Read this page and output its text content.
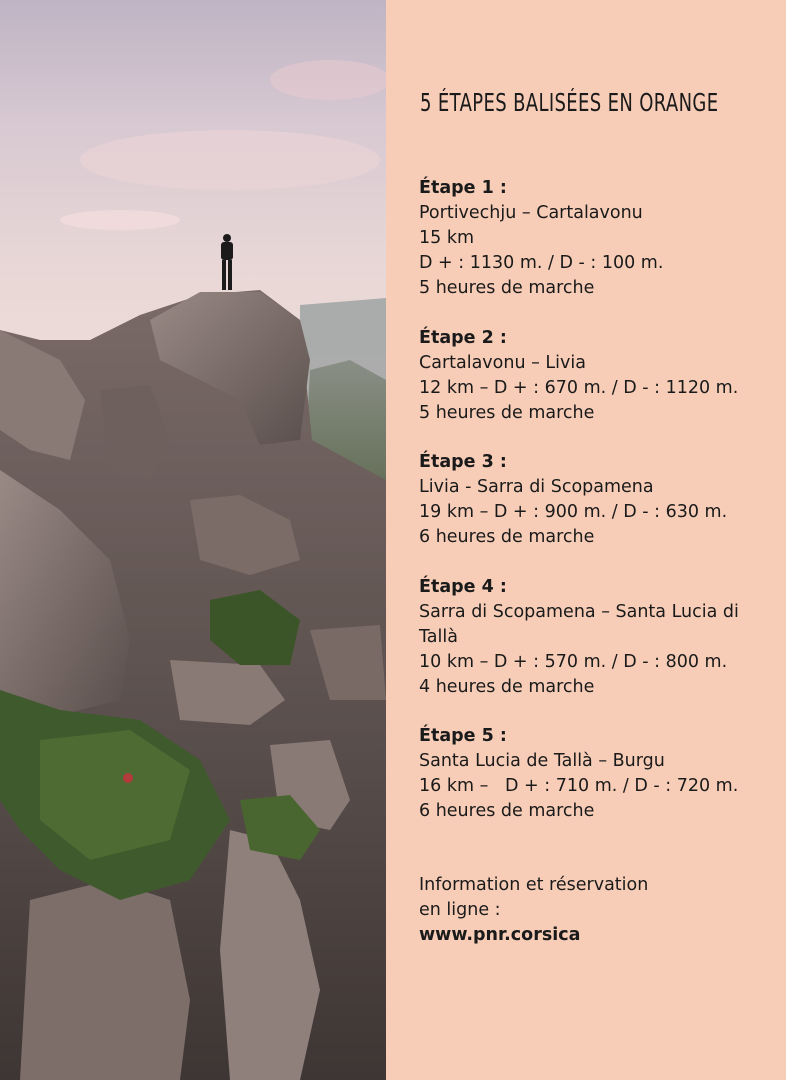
5 ÉTAPES BALISÉES EN ORANGE

Étape 1 :

Portivechju – Cartalavonu

15 km

D + : 1130 m. / D - : 100 m.

5 heures de marche

Étape 2 :

Cartalavonu – Livia

12 km – D + : 670 m. / D - : 1120 m.

5 heures de marche

Étape 3 :

Livia - Sarra di Scopamena

19 km – D + : 900 m. / D - : 630 m.

6 heures de marche

Étape 4 :

Sarra di Scopamena – Santa Lucia di

Tallà

10 km – D + : 570 m. / D - : 800 m.

4 heures de marche

Étape 5 :

Santa Lucia de Tallà – Burgu

16 km –   D + : 710 m. / D - : 720 m.

6 heures de marche

Information et réservation

en ligne :

www.pnr.corsica
